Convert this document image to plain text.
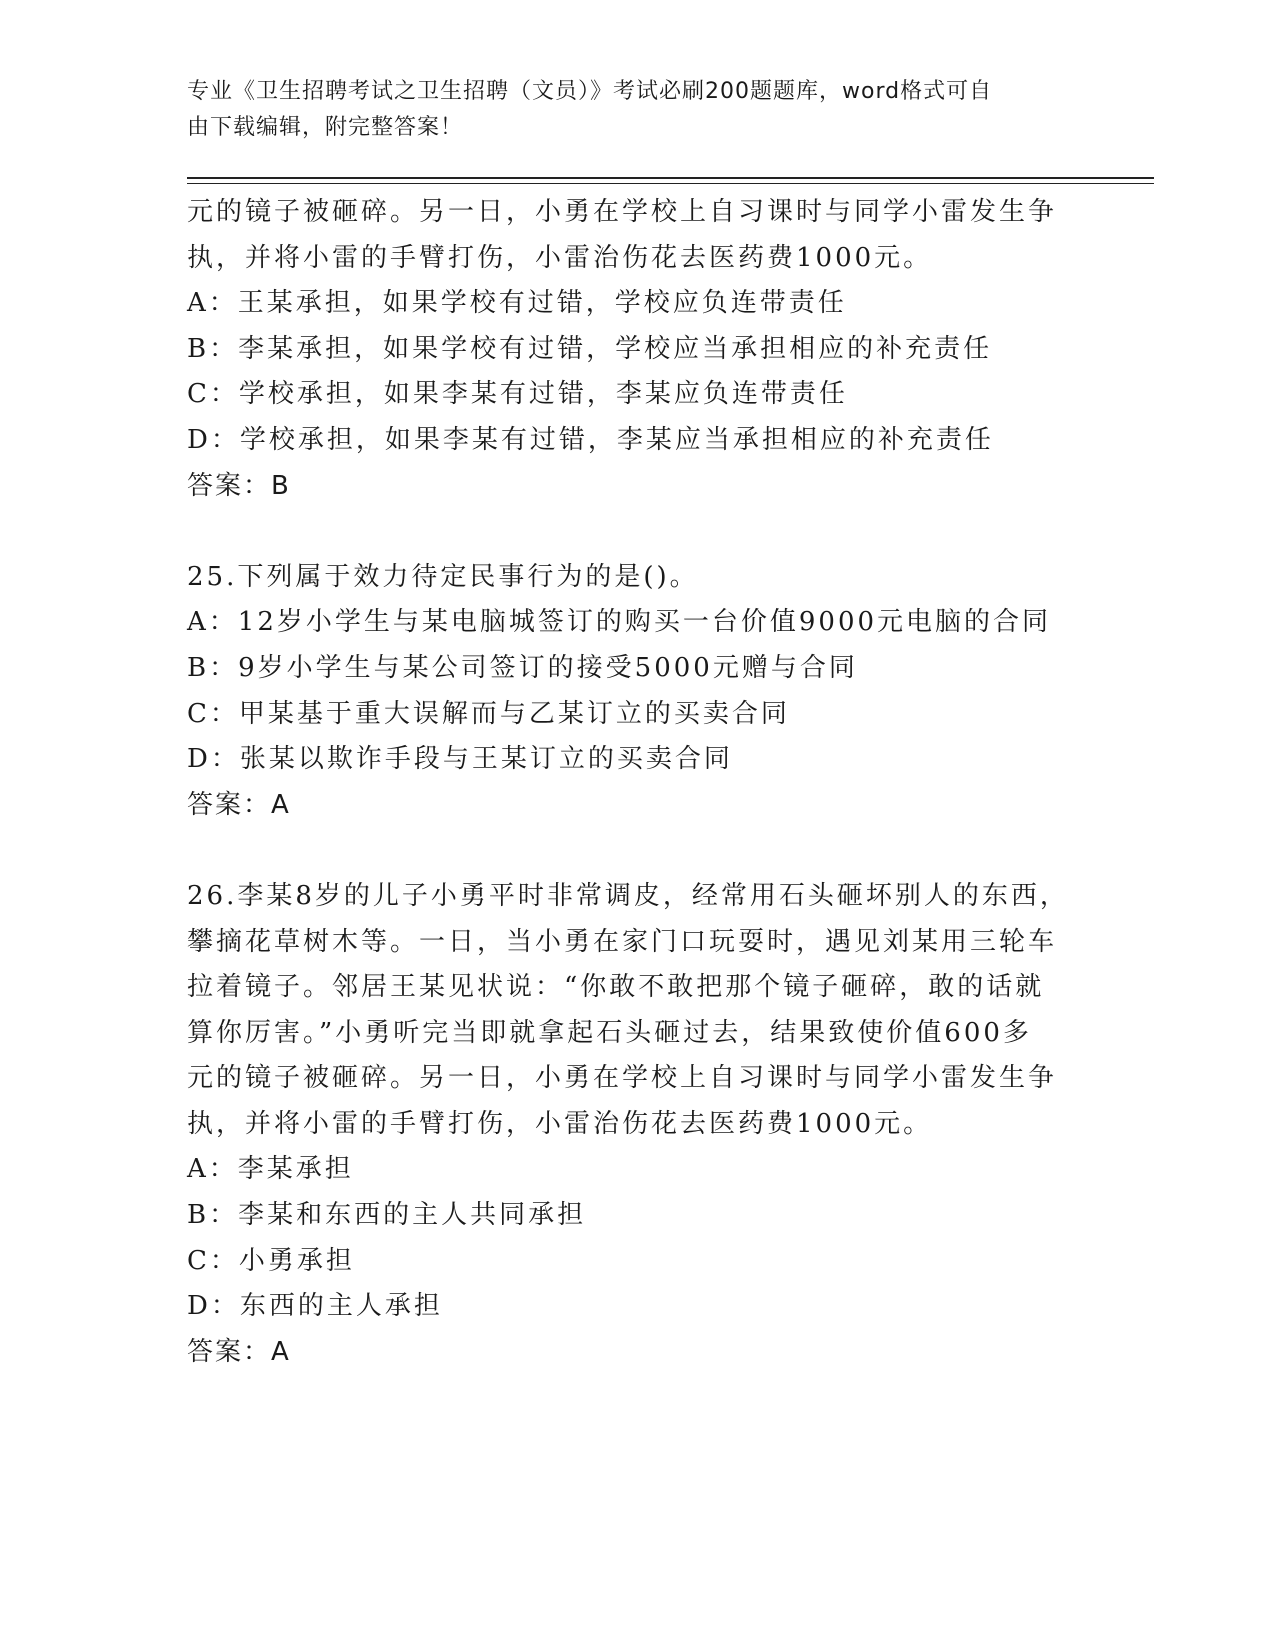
专业《卫生招聘考试之卫生招聘（文员）》考试必刷200题题库，word格式可自
由下载编辑，附完整答案！
元的镜子被砸碎。另一日，小勇在学校上自习课时与同学小雷发生争
执，并将小雷的手臂打伤，小雷治伤花去医药费1000元。
A：王某承担，如果学校有过错，学校应负连带责任
B：李某承担，如果学校有过错，学校应当承担相应的补充责任
C：学校承担，如果李某有过错，李某应负连带责任
D：学校承担，如果李某有过错，李某应当承担相应的补充责任
答案：B
25.下列属于效力待定民事行为的是()。
A：12岁小学生与某电脑城签订的购买一台价值9000元电脑的合同
B：9岁小学生与某公司签订的接受5000元赠与合同
C：甲某基于重大误解而与乙某订立的买卖合同
D：张某以欺诈手段与王某订立的买卖合同
答案：A
26.李某8岁的儿子小勇平时非常调皮，经常用石头砸坏别人的东西，
攀摘花草树木等。一日，当小勇在家门口玩耍时，遇见刘某用三轮车
拉着镜子。邻居王某见状说：“你敢不敢把那个镜子砸碎，敢的话就
算你厉害。”小勇听完当即就拿起石头砸过去，结果致使价值600多
元的镜子被砸碎。另一日，小勇在学校上自习课时与同学小雷发生争
执，并将小雷的手臂打伤，小雷治伤花去医药费1000元。
A：李某承担
B：李某和东西的主人共同承担
C：小勇承担
D：东西的主人承担
答案：A
